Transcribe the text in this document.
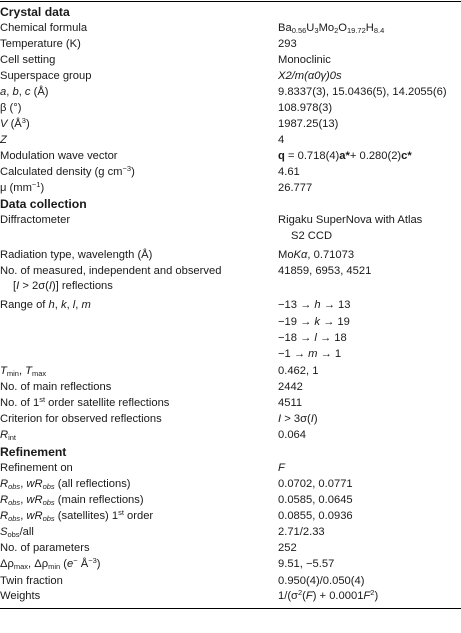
Crystal data
Chemical formula	$Ba_{0.56}U_3Mo_2O_{19.72}H_{8.4}$
Temperature (K)	293
Cell setting	Monoclinic
Superspace group	X2/m(α0γ)0s
a, b, c (Å)	9.8337(3), 15.0436(5), 14.2055(6)
β (°)	108.978(3)
V $(Å^3)$	1987.25(13)
Z	4
Modulation wave vector	q = 0.718(4)a*+ 0.280(2)c*
Calculated density (g $cm^{-3}$)	4.61
μ $(mm^{-1})$	26.777
Data collection
Diffractometer	Rigaku SuperNova with Atlas
S2 CCD
Radiation type, wavelength (Å)	MoKα, 0.71073
No. of measured, independent and observed	41859, 6953, 4521
[I > 2σ(I)] reflections
Range of h, k, l, m	−13 → h → 13
−19 → k → 19
−18 → l → 18
−1 → m → 1
$T_{min}$, $T_{max}$	0.462, 1
No. of main reflections	2442
No. of 1st order satellite reflections	4511
Criterion for observed reflections	I > 3σ(I)
$R_{int}$	0.064
Refinement
Refinement on	F
$R_{obs}$, $wR_{obs}$ (all reflections)	0.0702, 0.0771
$R_{obs}$, $wR_{obs}$ (main reflections)	0.0585, 0.0645
$R_{obs}$, $wR_{obs}$ (satellites) 1st order	0.0855, 0.0936
$S_{obs}$/all	2.71/2.33
No. of parameters	252
$\Delta\rho_{max}$, $\Delta\rho_{min}$ (e− $Å^{-3}$)	9.51, −5.57
Twin fraction	0.950(4)/0.050(4)
Weights	$1/(\sigma^2(F) + 0.0001F^2)$
